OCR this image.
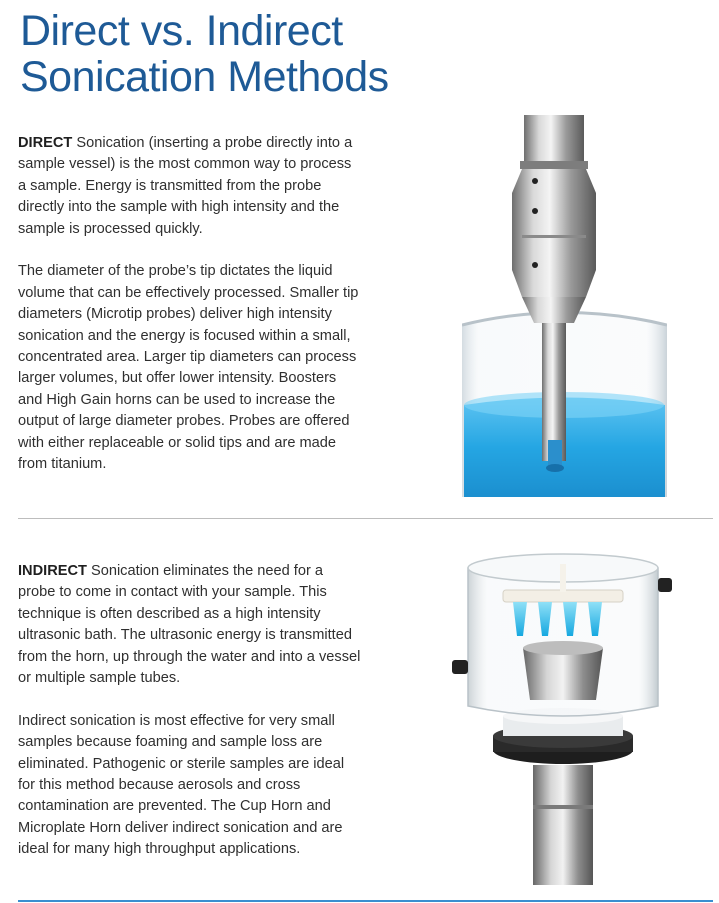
Direct vs. Indirect
Sonication Methods

DIRECT Sonication (inserting a probe directly into a sample vessel) is the most common way to process a sample. Energy is transmitted from the probe directly into the sample with high intensity and the sample is processed quickly.

The diameter of the probe’s tip dictates the liquid volume that can be effectively processed. Smaller tip diameters (Microtip probes) deliver high intensity sonication and the energy is focused within a small, concentrated area. Larger tip diameters can process larger volumes, but offer lower intensity. Boosters and High Gain horns can be used to increase the output of large diameter probes. Probes are offered with either replaceable or solid tips and are made from titanium.

INDIRECT Sonication eliminates the need for a probe to come in contact with your sample. This technique is often described as a high intensity ultrasonic bath. The ultrasonic energy is transmitted from the horn, up through the water and into a vessel or multiple sample tubes.

Indirect sonication is most effective for very small samples because foaming and sample loss are eliminated. Pathogenic or sterile samples are ideal for this method because aerosols and cross contamination are prevented. The Cup Horn and Microplate Horn deliver indirect sonication and are ideal for many high throughput applications.
